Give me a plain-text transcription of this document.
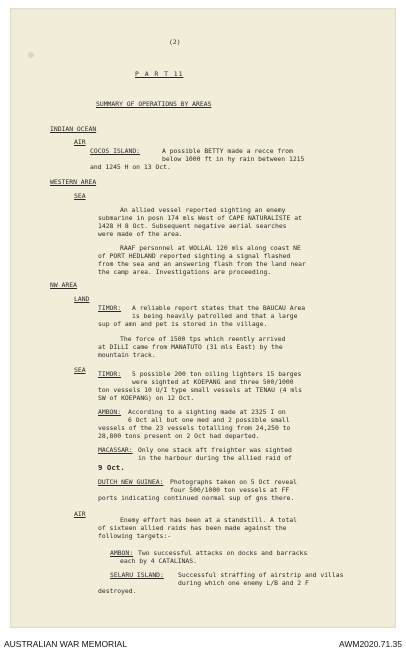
(2)
P A R T 11
SUMMARY OF OPERATIONS BY AREAS
INDIAN OCEAN
AIR
COCOS ISLAND:	A possible BETTY made a recce from
below 1000 ft in hy rain between 1215
and 1245 H on 13 Oct.
WESTERN AREA
SEA
An allied vessel reported sighting an enemy
submarine in posn 174 mls West of CAPE NATURALISTE at
1428 H 8 Oct. Subsequent negative aerial searches
were made of the area.
RAAF personnel at WOLLAL 120 mls along coast NE
of PORT HEDLAND reported sighting a signal flashed
from the sea and an answering flash from the land near
the camp area. Investigations are proceeding.
NW AREA
LAND
TIMOR: A reliable report states that the BAUCAU Area
is being heavily patrolled and that a large
sup of amn and pet is stored in the village.
The force of 1500 tps which reently arrived
at DILLI came from MANATUTO (31 mls East) by the
mountain track.
SEA TIMOR: 5 possible 200 ton oiling lighters 15 barges
were sighted at KOEPANG and three 500/1000
ton vessels 10 U/I type small vessels at TENAU (4 mls
SW of KOEPANG) on 12 Oct.
AMBON: According to a sighting made at 2325 I on
6 Oct all but one med and 2 possible small
vessels of the 23 vessels totalling from 24,250 to
28,800 tons present on 2 Oct had departed.
MACASSAR: Only one stack aft freighter was sighted
in the harbour during the allied raid of
9 Oct.
DUTCH NEW GUINEA: Photographs taken on 5 Oct reveal
four 500/1000 ton vessels at FF
ports indicating continued normal sup of gns there.
AIR
Enemy effort has been at a standstill. A total
of sixteen allied raids has been made against the
following targets:-
AMBON: Two successful attacks on docks and barracks
each by 4 CATALINAS.
SELARU ISLAND: Successful straffing of airstrip and villas
during which one enemy L/B and 2 F
destroyed.
AUSTRALIAN WAR MEMORIAL	AWM2020.71.35
